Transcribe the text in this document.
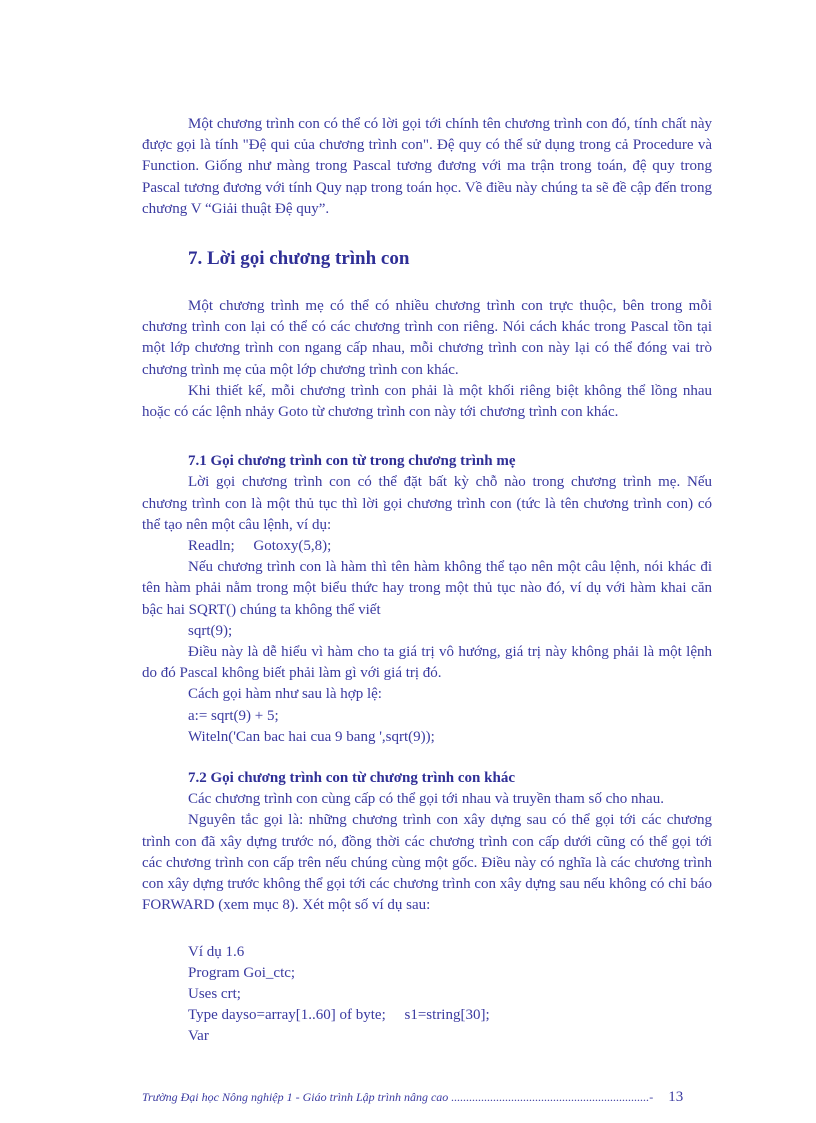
Một chương trình con có thể có lời gọi tới chính tên chương trình con đó, tính chất này được gọi là tính "Đệ qui của chương trình con". Đệ quy có thể sử dụng trong cả Procedure và Function. Giống như màng trong Pascal tương đương với ma trận trong toán, đệ quy trong Pascal tương đương với tính Quy nạp trong toán học. Về điều này chúng ta sẽ đề cập đến trong chương V “Giải thuật Đệ quy”.

7. Lời gọi chương trình con

Một chương trình mẹ có thể có nhiều chương trình con trực thuộc, bên trong mỗi chương trình con lại có thể có các chương trình con riêng. Nói cách khác trong Pascal tồn tại một lớp chương trình con ngang cấp nhau, mỗi chương trình con này lại có thể đóng vai trò chương trình mẹ của một lớp chương trình con khác.

Khi thiết kế, mỗi chương trình con phải là một khối riêng biệt không thể lồng nhau hoặc có các lệnh nhảy Goto từ chương trình con này tới chương trình con khác.

7.1 Gọi chương trình con từ trong chương trình mẹ

Lời gọi chương trình con có thể đặt bất kỳ chỗ nào trong chương trình mẹ. Nếu chương trình con là một thủ tục thì lời gọi chương trình con (tức là tên chương trình con) có thể tạo nên một câu lệnh, ví dụ:

Readln;     Gotoxy(5,8);

Nếu chương trình con là hàm thì tên hàm không thể tạo nên một câu lệnh, nói khác đi tên hàm phải nằm trong một biểu thức hay trong một thủ tục nào đó, ví dụ với hàm khai căn bậc hai SQRT() chúng ta không thể viết

sqrt(9);

Điều này là dễ hiểu vì hàm cho ta giá trị vô hướng, giá trị này không phải là một lệnh do đó Pascal không biết phải làm gì với giá trị đó.

Cách gọi hàm như sau là hợp lệ:

a:= sqrt(9) + 5;

Witeln('Can bac hai cua 9 bang ',sqrt(9));

7.2 Gọi chương trình con từ chương trình con khác

Các chương trình con cùng cấp có thể gọi tới nhau và truyền tham số cho nhau.

Nguyên tắc gọi là: những chương trình con xây dựng sau có thể gọi tới các chương trình con đã xây dựng trước nó, đồng thời các chương trình con cấp dưới cũng có thể gọi tới các chương trình con cấp trên nếu chúng cùng một gốc. Điều này có nghĩa là các chương trình con xây dựng trước không thể gọi tới các chương trình con xây dựng sau nếu không có chỉ báo FORWARD (xem mục 8). Xét một số ví dụ sau:

Ví dụ 1.6

Program Goi_ctc;

Uses crt;

Type dayso=array[1..60] of byte;     s1=string[30];

Var

Trường Đại học Nông nghiệp 1 - Giáo trình Lập trình nâng cao ..................................................................- 13
